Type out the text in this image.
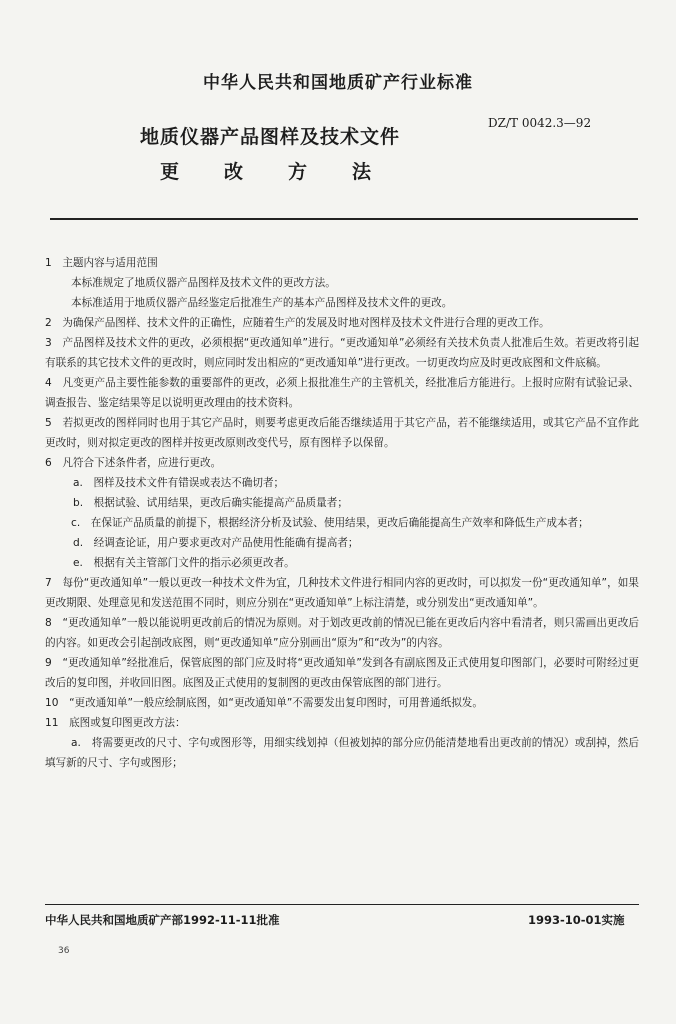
中华人民共和国地质矿产行业标准
DZ/T 0042.3—92
地质仪器产品图样及技术文件
更改方法

1　主题内容与适用范围

本标准规定了地质仪器产品图样及技术文件的更改方法。

本标准适用于地质仪器产品经鉴定后批准生产的基本产品图样及技术文件的更改。

2　为确保产品图样、技术文件的正确性，应随着生产的发展及时地对图样及技术文件进行合理的更改工作。

3　产品图样及技术文件的更改，必须根据“更改通知单”进行。“更改通知单”必须经有关技术负责人批准后生效。若更改将引起有联系的其它技术文件的更改时，则应同时发出相应的“更改通知单”进行更改。一切更改均应及时更改底图和文件底稿。

4　凡变更产品主要性能参数的重要部件的更改，必须上报批准生产的主管机关，经批准后方能进行。上报时应附有试验记录、调查报告、鉴定结果等足以说明更改理由的技术资料。

5　若拟更改的图样同时也用于其它产品时，则要考虑更改后能否继续适用于其它产品，若不能继续适用，或其它产品不宜作此更改时，则对拟定更改的图样并按更改原则改变代号，原有图样予以保留。

6　凡符合下述条件者，应进行更改。

a.　图样及技术文件有错误或表达不确切者；

b.　根据试验、试用结果，更改后确实能提高产品质量者；

c.　在保证产品质量的前提下，根据经济分析及试验、使用结果，更改后确能提高生产效率和降低生产成本者；

d.　经调查论证，用户要求更改对产品使用性能确有提高者；

e.　根据有关主管部门文件的指示必须更改者。

7　每份“更改通知单”一般以更改一种技术文件为宜，几种技术文件进行相同内容的更改时，可以拟发一份“更改通知单”，如果更改期限、处理意见和发送范围不同时，则应分别在“更改通知单”上标注清楚，或分别发出“更改通知单”。

8　“更改通知单”一般以能说明更改前后的情况为原则。对于划改更改前的情况已能在更改后内容中看清者，则只需画出更改后的内容。如更改会引起剖改底图，则“更改通知单”应分别画出“原为”和“改为”的内容。

9　“更改通知单”经批准后，保管底图的部门应及时将“更改通知单”发到各有副底图及正式使用复印图部门，必要时可附经过更改后的复印图，并收回旧图。底图及正式使用的复制图的更改由保管底图的部门进行。

10　“更改通知单”一般应绘制底图，如“更改通知单”不需要发出复印图时，可用普通纸拟发。

11　底图或复印图更改方法：

a.　将需要更改的尺寸、字句或图形等，用细实线划掉（但被划掉的部分应仍能清楚地看出更改前的情况）或刮掉，然后填写新的尺寸、字句或图形；

中华人民共和国地质矿产部1992-11-11批准	1993-10-01实施
36
